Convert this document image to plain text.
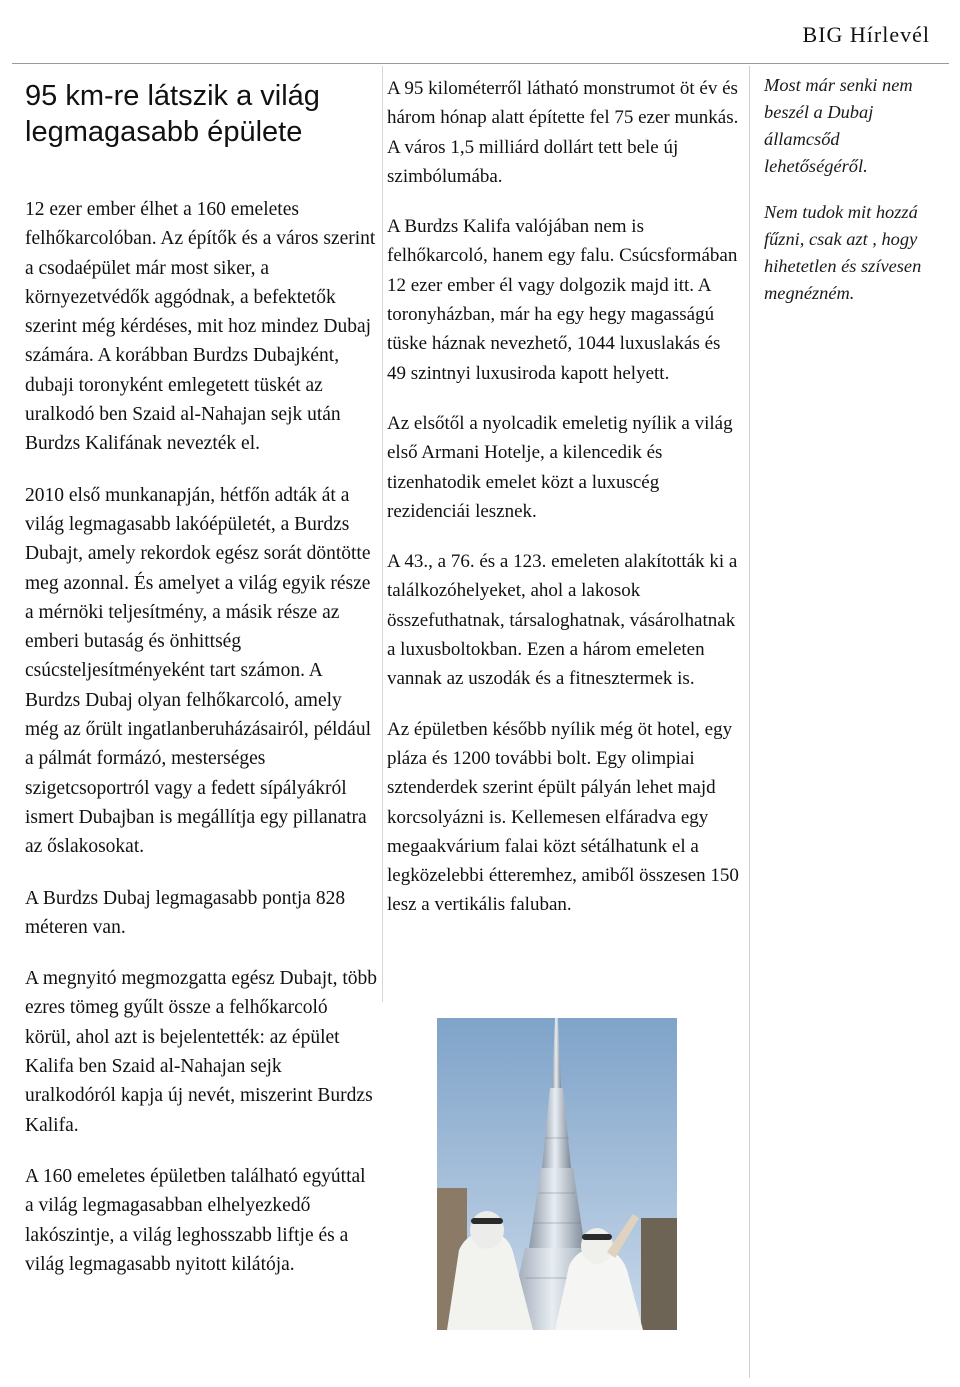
BIG Hírlevél
95 km-re látszik a világ legmagasabb épülete

12 ezer ember élhet a 160 emeletes felhőkarcolóban. Az építők és a város szerint a csodaépület már most siker, a környezetvédők aggódnak, a befektetők szerint még kérdéses, mit hoz mindez Dubaj számára. A korábban Burdzs Dubajként, dubaji toronyként emlegetett tüskét az uralkodó ben Szaid al-Nahajan sejk után Burdzs Kalifának nevezték el.

2010 első munkanapján, hétfőn adták át a világ legmagasabb lakóépületét, a Burdzs Dubajt, amely rekordok egész sorát döntötte meg azonnal. És amelyet a világ egyik része a mérnöki teljesítmény, a másik része az emberi butaság és önhittség csúcsteljesítményeként tart számon. A Burdzs Dubaj olyan felhőkarcoló, amely még az őrült ingatlanberuházásairól, például a pálmát formázó, mesterséges szigetcsoportról vagy a fedett sípályákról ismert Dubajban is megállítja egy pillanatra az őslakosokat.

A Burdzs Dubaj legmagasabb pontja 828 méteren van.

A megnyitó megmozgatta egész Dubajt, több ezres tömeg gyűlt össze a felhőkarcoló körül, ahol azt is bejelentették: az épület Kalifa ben Szaid al-Nahajan sejk uralkodóról kapja új nevét, miszerint Burdzs Kalifa.

A 160 emeletes épületben található egyúttal a világ legmagasabban elhelyezkedő lakószintje, a világ leghosszabb liftje és a világ legmagasabb nyitott kilátója.

A 95 kilométerről látható monstrumot öt év és három hónap alatt építette fel 75 ezer munkás. A város 1,5 milliárd dollárt tett bele új szimbólumába.

A Burdzs Kalifa valójában nem is felhőkarcoló, hanem egy falu. Csúcsformában 12 ezer ember él vagy dolgozik majd itt. A toronyházban, már ha egy hegy magasságú tüske háznak nevezhető, 1044 luxuslakás és 49 szintnyi luxusiroda kapott helyett.

Az elsőtől a nyolcadik emeletig nyílik a világ első Armani Hotelje, a kilencedik és tizenhatodik emelet közt a luxuscég rezidenciái lesznek.

A 43., a 76. és a 123. emeleten alakították ki a találkozóhelyeket, ahol a lakosok összefuthatnak, társaloghatnak, vásárolhatnak a luxusboltokban. Ezen a három emeleten vannak az uszodák és a fitnesztermek is.

Az épületben később nyílik még öt hotel, egy pláza és 1200 további bolt. Egy olimpiai sztenderdek szerint épült pályán lehet majd korcsolyázni is. Kellemesen elfáradva egy megaakvárium falai közt sétálhatunk el a legközelebbi étteremhez, amiből összesen 150 lesz a vertikális faluban.

Most már senki nem beszél a Dubaj államcsőd lehetőségéről.

Nem tudok mit hozzá fűzni, csak azt , hogy hihetetlen és szívesen megnézném.
